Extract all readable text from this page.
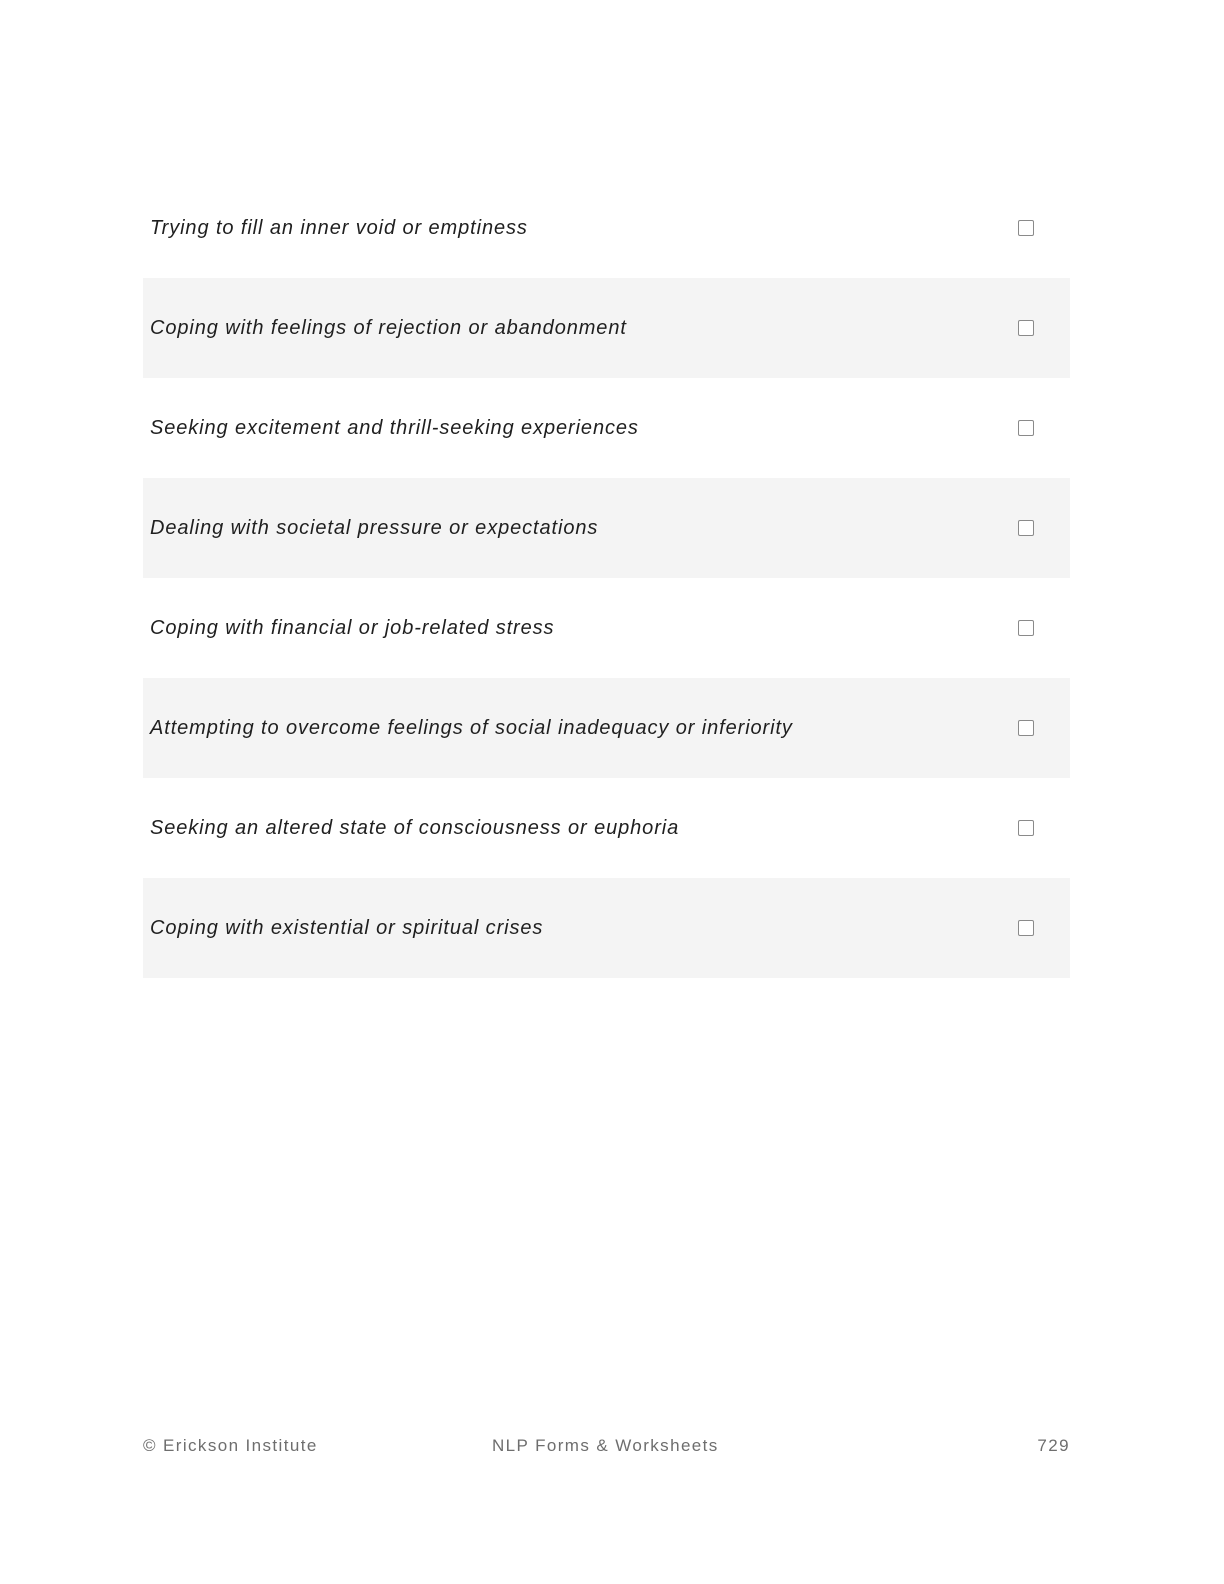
Trying to fill an inner void or emptiness
Coping with feelings of rejection or abandonment
Seeking excitement and thrill-seeking experiences
Dealing with societal pressure or expectations
Coping with financial or job-related stress
Attempting to overcome feelings of social inadequacy or inferiority
Seeking an altered state of consciousness or euphoria
Coping with existential or spiritual crises
© Erickson Institute	NLP Forms & Worksheets	729
